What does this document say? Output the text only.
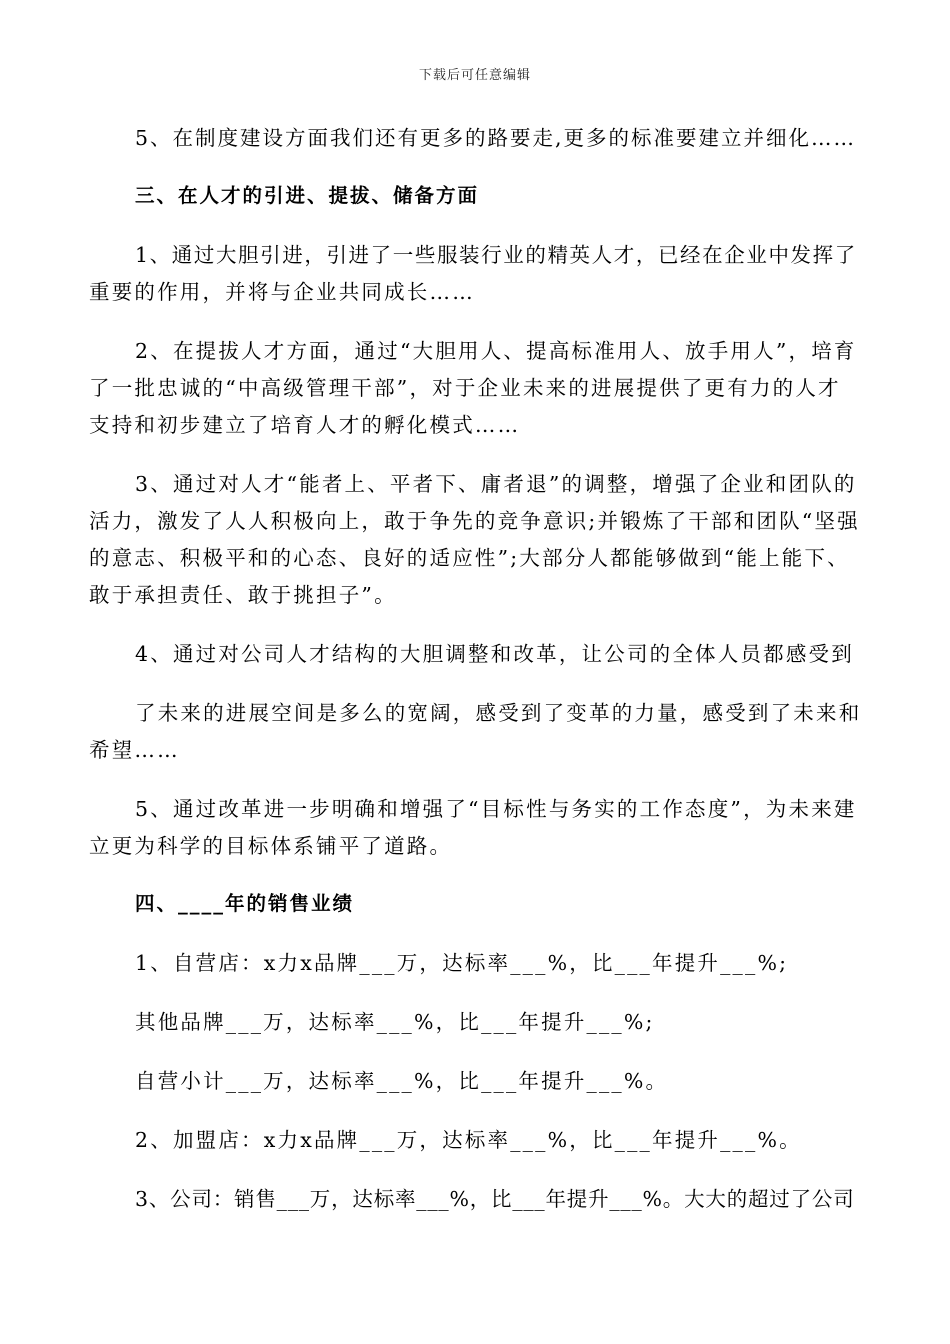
下载后可任意编辑
5、在制度建设方面我们还有更多的路要走,更多的标准要建立并细化……
三、在人才的引进、提拔、储备方面
1、通过大胆引进，引进了一些服装行业的精英人才，已经在企业中发挥了
重要的作用，并将与企业共同成长……
2、在提拔人才方面，通过“大胆用人、提高标准用人、放手用人”，培育
了一批忠诚的“中高级管理干部”，对于企业未来的进展提供了更有力的人才
支持和初步建立了培育人才的孵化模式……
3、通过对人才“能者上、平者下、庸者退”的调整，增强了企业和团队的
活力，激发了人人积极向上，敢于争先的竞争意识;并锻炼了干部和团队“坚强
的意志、积极平和的心态、良好的适应性”;大部分人都能够做到“能上能下、
敢于承担责任、敢于挑担子”。
4、通过对公司人才结构的大胆调整和改革，让公司的全体人员都感受到
了未来的进展空间是多么的宽阔，感受到了变革的力量，感受到了未来和
希望……
5、通过改革进一步明确和增强了“目标性与务实的工作态度”，为未来建
立更为科学的目标体系铺平了道路。
四、____年的销售业绩
1、自营店：x力x品牌___万，达标率___%，比___年提升___%;
其他品牌___万，达标率___%，比___年提升___%;
自营小计___万，达标率___%，比___年提升___%。
2、加盟店：x力x品牌___万，达标率___%，比___年提升___%。
3、公司：销售___万，达标率___%，比___年提升___%。大大的超过了公司
